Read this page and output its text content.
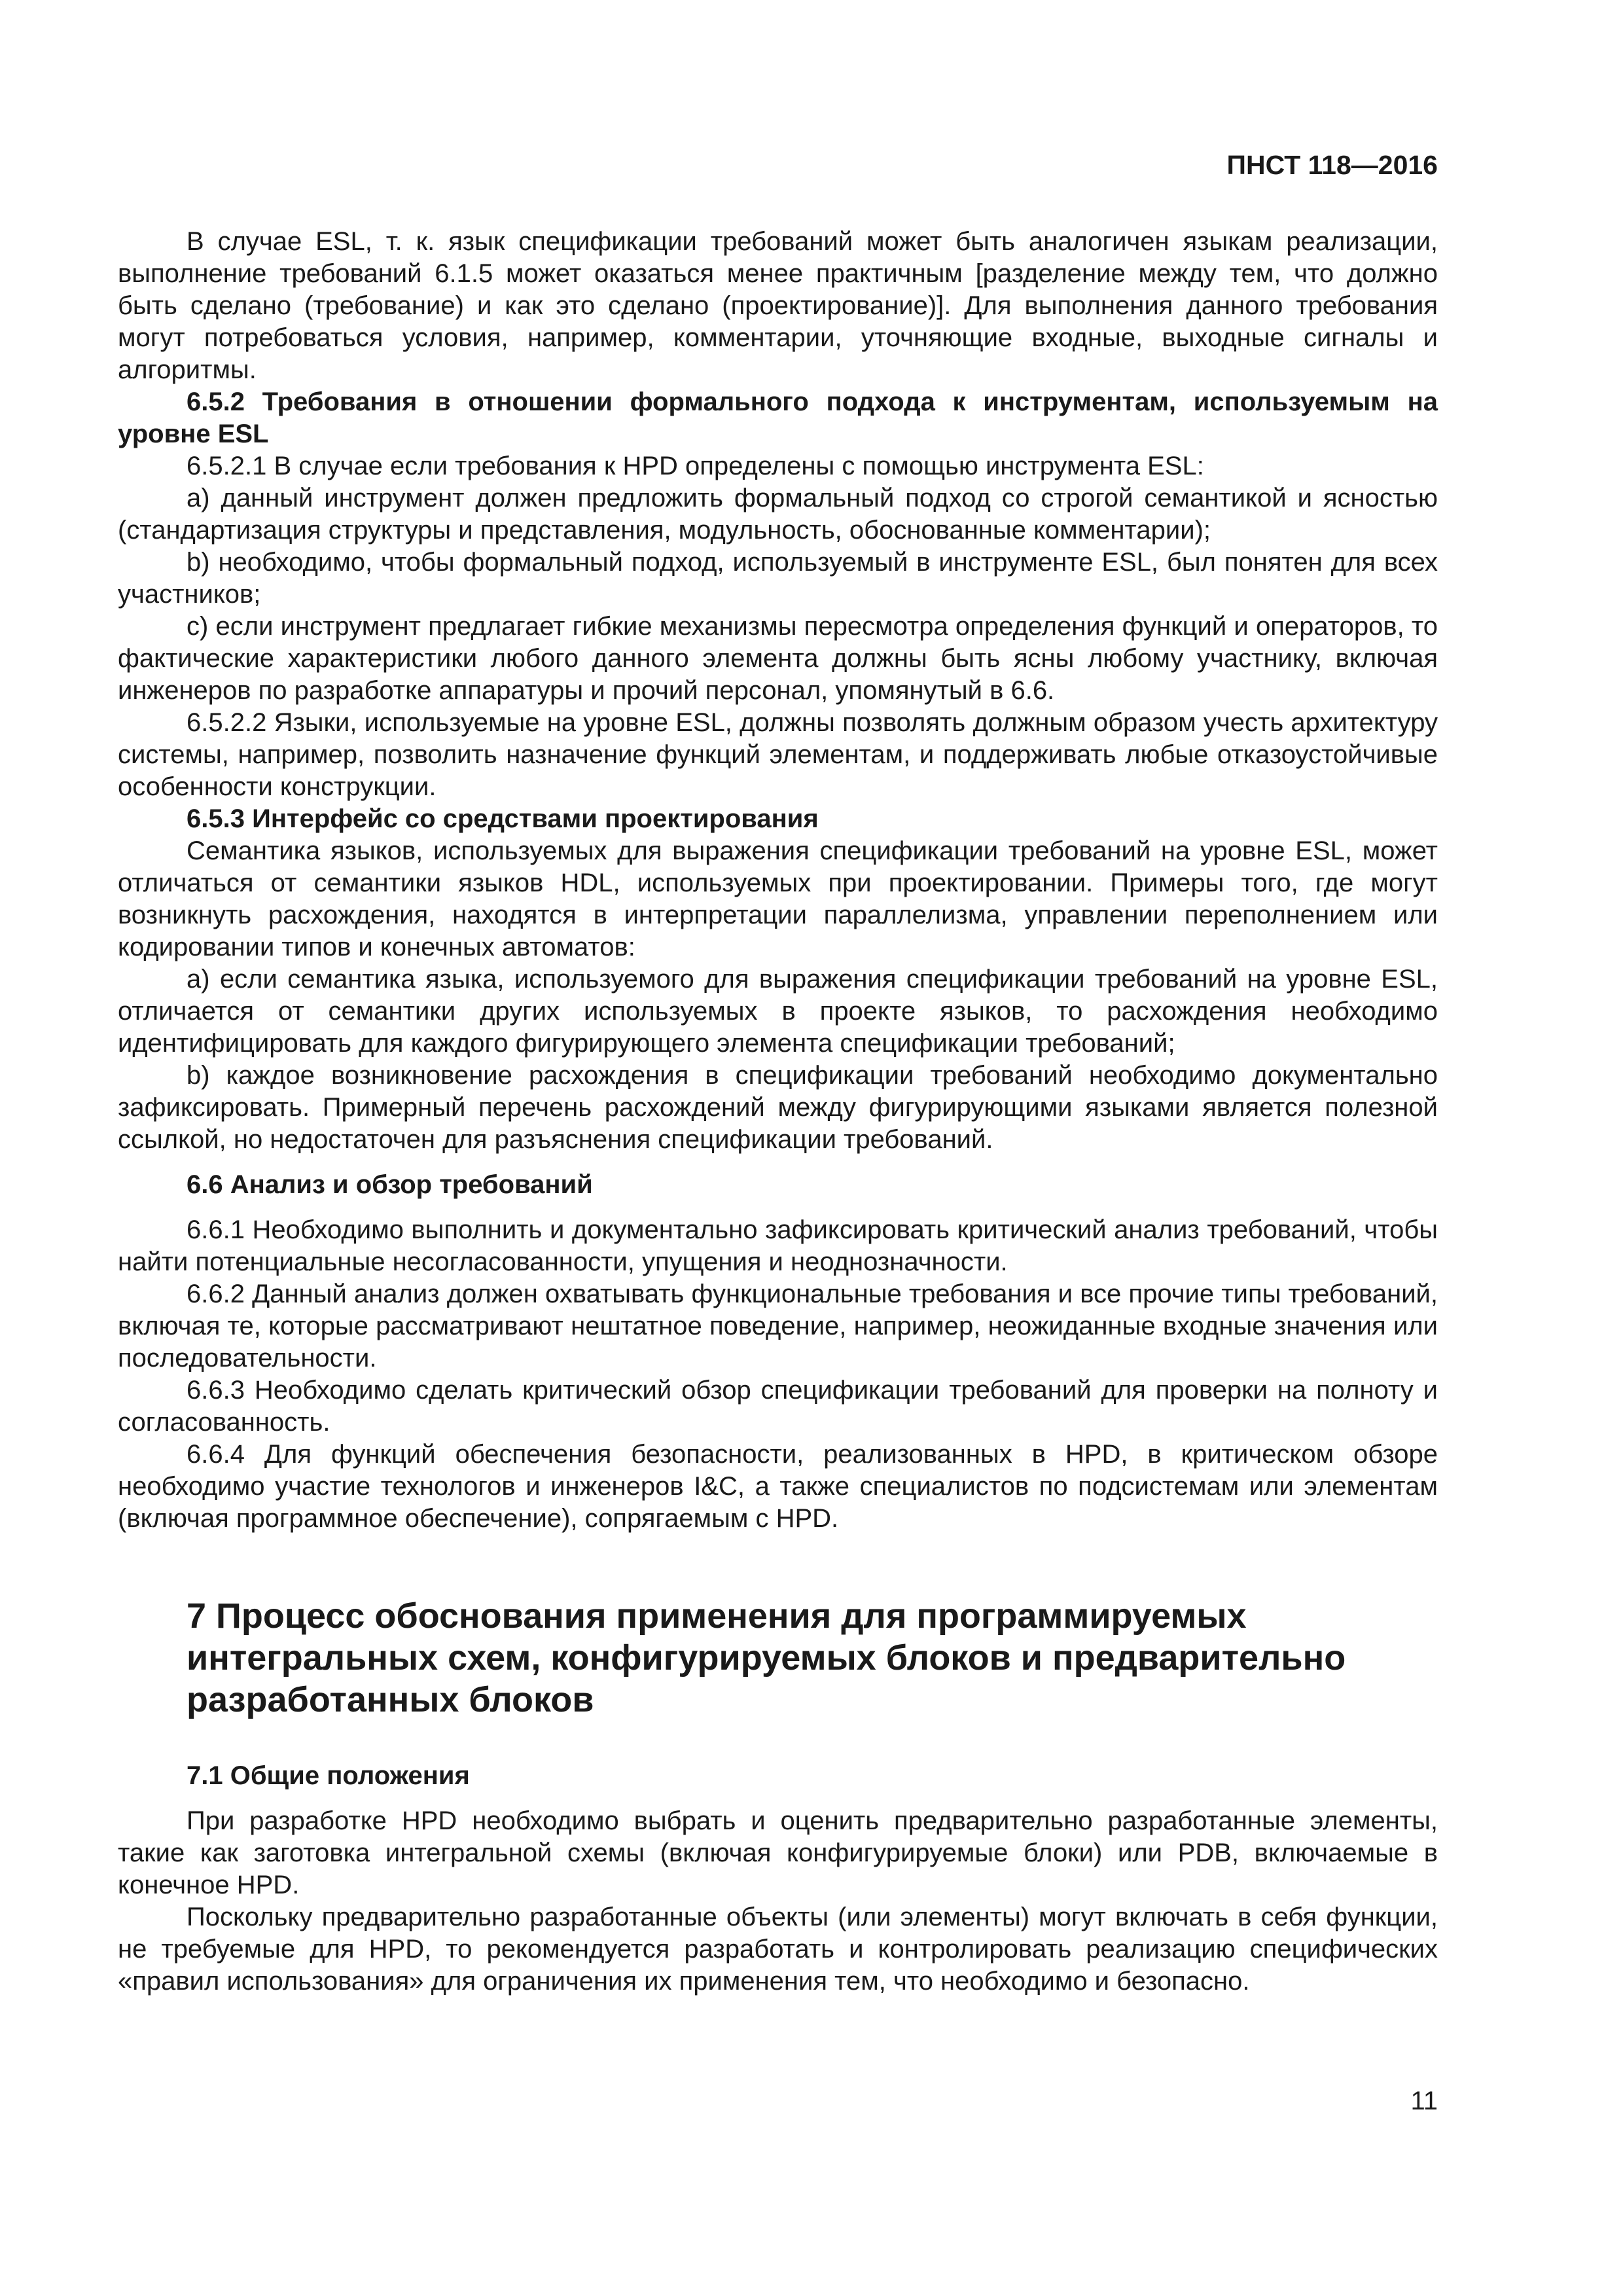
ПНСТ 118—2016

В случае ESL, т. к. язык спецификации требований может быть аналогичен языкам реализации, выполнение требований 6.1.5 может оказаться менее практичным [разделение между тем, что должно быть сделано (требование) и как это сделано (проектирование)]. Для выполнения данного требования могут потребоваться условия, например, комментарии, уточняющие входные, выходные сигналы и алгоритмы.

6.5.2 Требования в отношении формального подхода к инструментам, используемым на уровне ESL

6.5.2.1 В случае если требования к HPD определены с помощью инструмента ESL:

а) данный инструмент должен предложить формальный подход со строгой семантикой и ясностью (стандартизация структуры и представления, модульность, обоснованные комментарии);

b) необходимо, чтобы формальный подход, используемый в инструменте ESL, был понятен для всех участников;

с) если инструмент предлагает гибкие механизмы пересмотра определения функций и операторов, то фактические характеристики любого данного элемента должны быть ясны любому участнику, включая инженеров по разработке аппаратуры и прочий персонал, упомянутый в 6.6.

6.5.2.2 Языки, используемые на уровне ESL, должны позволять должным образом учесть архитектуру системы, например, позволить назначение функций элементам, и поддерживать любые отказоустойчивые особенности конструкции.

6.5.3 Интерфейс со средствами проектирования

Семантика языков, используемых для выражения спецификации требований на уровне ESL, может отличаться от семантики языков HDL, используемых при проектировании. Примеры того, где могут возникнуть расхождения, находятся в интерпретации параллелизма, управлении переполнением или кодировании типов и конечных автоматов:

а) если семантика языка, используемого для выражения спецификации требований на уровне ESL, отличается от семантики других используемых в проекте языков, то расхождения необходимо идентифицировать для каждого фигурирующего элемента спецификации требований;

b) каждое возникновение расхождения в спецификации требований необходимо документально зафиксировать. Примерный перечень расхождений между фигурирующими языками является полезной ссылкой, но недостаточен для разъяснения спецификации требований.

6.6 Анализ и обзор требований

6.6.1 Необходимо выполнить и документально зафиксировать критический анализ требований, чтобы найти потенциальные несогласованности, упущения и неоднозначности.

6.6.2 Данный анализ должен охватывать функциональные требования и все прочие типы требований, включая те, которые рассматривают нештатное поведение, например, неожиданные входные значения или последовательности.

6.6.3 Необходимо сделать критический обзор спецификации требований для проверки на полноту и согласованность.

6.6.4 Для функций обеспечения безопасности, реализованных в HPD, в критическом обзоре необходимо участие технологов и инженеров I&C, а также специалистов по подсистемам или элементам (включая программное обеспечение), сопрягаемым с HPD.

7 Процесс обоснования применения для программируемых интегральных схем, конфигурируемых блоков и предварительно разработанных блоков

7.1 Общие положения

При разработке HPD необходимо выбрать и оценить предварительно разработанные элементы, такие как заготовка интегральной схемы (включая конфигурируемые блоки) или PDB, включаемые в конечное HPD.

Поскольку предварительно разработанные объекты (или элементы) могут включать в себя функции, не требуемые для HPD, то рекомендуется разработать и контролировать реализацию специфических «правил использования» для ограничения их применения тем, что необходимо и безопасно.

11
